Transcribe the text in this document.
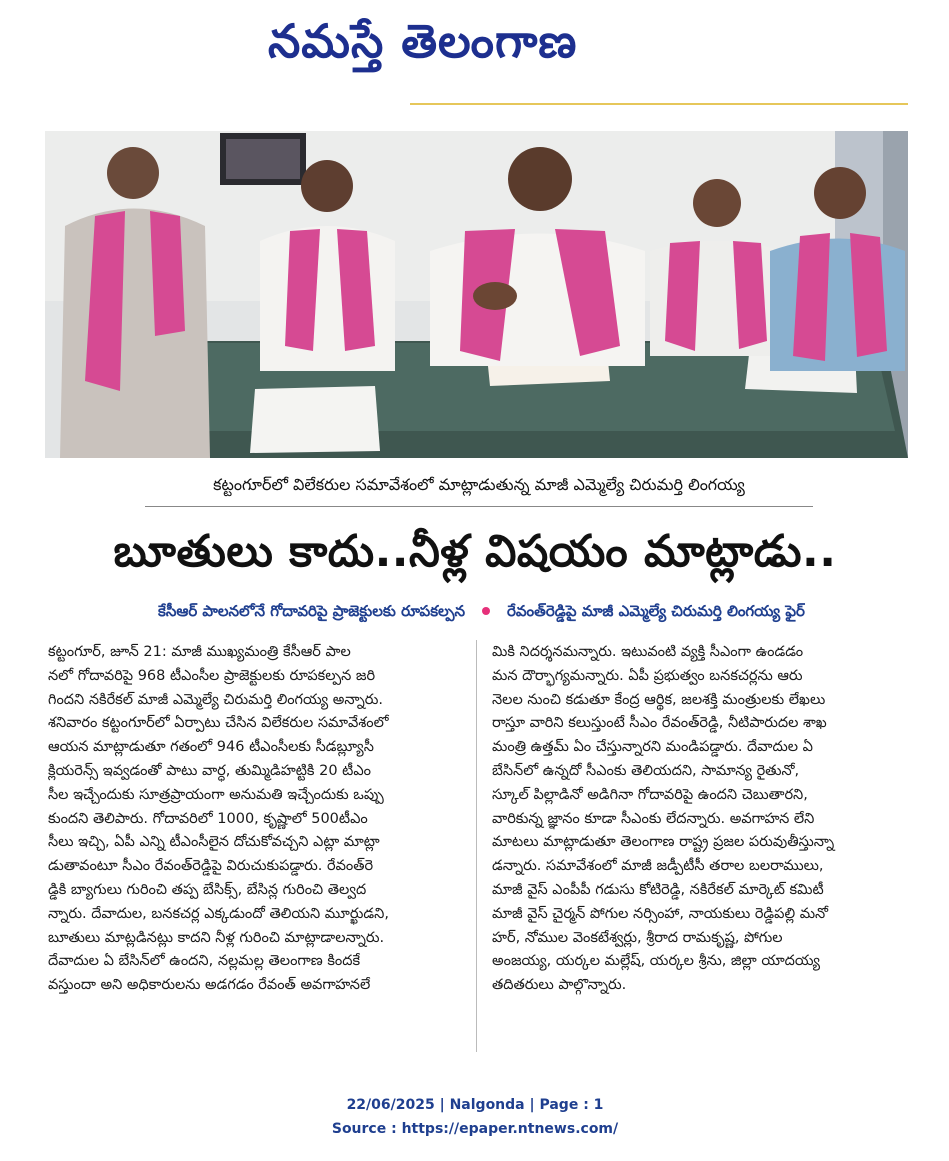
నమస్తే తెలంగాణ
కట్టంగూర్‌లో విలేకరుల సమావేశంలో మాట్లాడుతున్న మాజీ ఎమ్మెల్యే చిరుమర్తి లింగయ్య
బూతులు కాదు..నీళ్ల విషయం మాట్లాడు..
కేసీఆర్ పాలనలోనే గోదావరిపై ప్రాజెక్టులకు రూపకల్పన	రేవంత్‌రెడ్డిపై మాజీ ఎమ్మెల్యే చిరుమర్తి లింగయ్య ఫైర్
కట్టంగూర్, జూన్ 21: మాజీ ముఖ్యమంత్రి కేసీఆర్ పాల
నలో గోదావరిపై 968 టీఎంసీల ప్రాజెక్టులకు రూపకల్పన జరి
గిందని నకిరేకల్ మాజీ ఎమ్మెల్యే చిరుమర్తి లింగయ్య అన్నారు.
శనివారం కట్టంగూర్‌లో ఏర్పాటు చేసిన విలేకరుల సమావేశంలో
ఆయన మాట్లాడుతూ గతంలో 946 టీఎంసీలకు సీడబ్ల్యూసీ
క్లియరెన్స్ ఇవ్వడంతో పాటు వార్ధ, తుమ్మిడిహట్టికి 20 టీఎం
సీల ఇచ్చేందుకు సూత్రప్రాయంగా అనుమతి ఇచ్చేందుకు ఒప్పు
కుందని తెలిపారు. గోదావరిలో 1000, కృష్ణాలో 500టీఎం
సీలు ఇచ్చి, ఏపీ ఎన్ని టీఎంసీలైన దోచుకోవచ్చని ఎట్లా మాట్లా
డుతావంటూ సీఎం రేవంత్‌రెడ్డిపై విరుచుకుపడ్డారు. రేవంత్‌రె
డ్డికి బ్యాగులు గురించి తప్ప బేసిక్స్, బేసిన్ల గురించి తెల్వద
న్నారు. దేవాదుల, బనకచర్ల ఎక్కడుందో తెలియని మూర్ఖుడని,
బూతులు మాట్లడినట్లు కాదని నీళ్ల గురించి మాట్లాడాలన్నారు.
దేవాదుల ఏ బేసిన్‌లో ఉందని, నల్లమల్ల తెలంగాణ కిందకే
వస్తుందా అని అధికారులను అడగడం రేవంత్ అవగాహనలే
మికి నిదర్శనమన్నారు. ఇటువంటి వ్యక్తి సీఎంగా ఉండడం
మన దౌర్భాగ్యమన్నారు. ఏపీ ప్రభుత్వం బనకచర్లను ఆరు
నెలల నుంచి కడుతూ కేంద్ర ఆర్థిక, జలశక్తి మంత్రులకు లేఖలు
రాస్తూ వారిని కలుస్తుంటే సీఎం రేవంత్‌రెడ్డి, నీటిపారుదల శాఖ
మంత్రి ఉత్తమ్ ఏం చేస్తున్నారని మండిపడ్డారు. దేవాదుల ఏ
బేసిన్‌లో ఉన్నదో సీఎంకు తెలియదని, సామాన్య రైతునో,
స్కూల్ పిల్లాడినో అడిగినా గోదావరిపై ఉందని చెబుతారని,
వారికున్న జ్ఞానం కూడా సీఎంకు లేదన్నారు. అవగాహన లేని
మాటలు మాట్లాడుతూ తెలంగాణ రాష్ట్ర ప్రజల పరువుతీస్తున్నా
డన్నారు. సమావేశంలో మాజీ జడ్పీటీసీ తరాల బలరాములు,
మాజీ వైస్ ఎంపీపీ గడుసు కోటిరెడ్డి, నకిరేకల్ మార్కెట్ కమిటీ
మాజీ వైస్ చైర్మన్ పోగుల నర్సింహా, నాయకులు రెడ్డిపల్లి మనో
హర్, నోముల వెంకటేశ్వర్లు, శ్రీరాద రామకృష్ణ, పోగుల
అంజయ్య, యర్కల మల్లేష్, యర్కల శ్రీను, జిల్లా యాదయ్య
తదితరులు పాల్గొన్నారు.
22/06/2025 | Nalgonda | Page : 1
Source : https://epaper.ntnews.com/
